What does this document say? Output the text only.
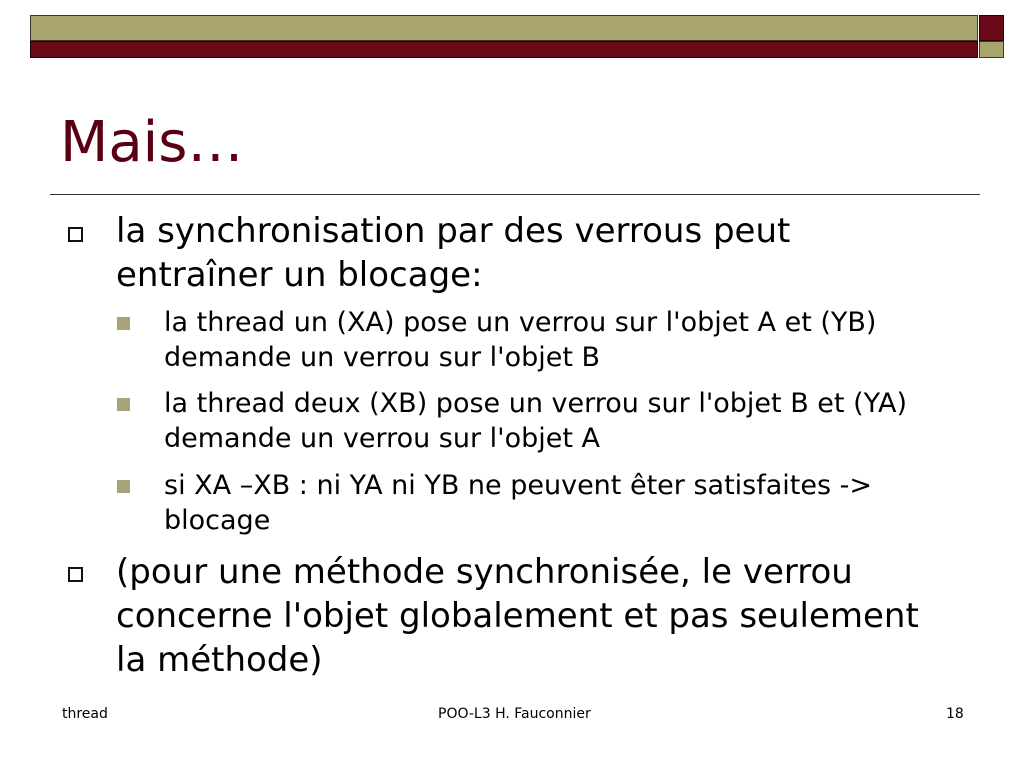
Mais…

la synchronisation par des verrous peut entraîner un blocage:

la thread un (XA) pose un verrou sur l'objet A et (YB) demande un verrou sur l'objet B

la thread deux (XB) pose un verrou sur l'objet B et (YA) demande un verrou sur l'objet A

si XA –XB : ni YA ni YB ne peuvent êter satisfaites -> blocage

(pour une méthode synchronisée, le verrou concerne l'objet globalement et pas seulement la méthode)

thread	POO-L3 H. Fauconnier	18
